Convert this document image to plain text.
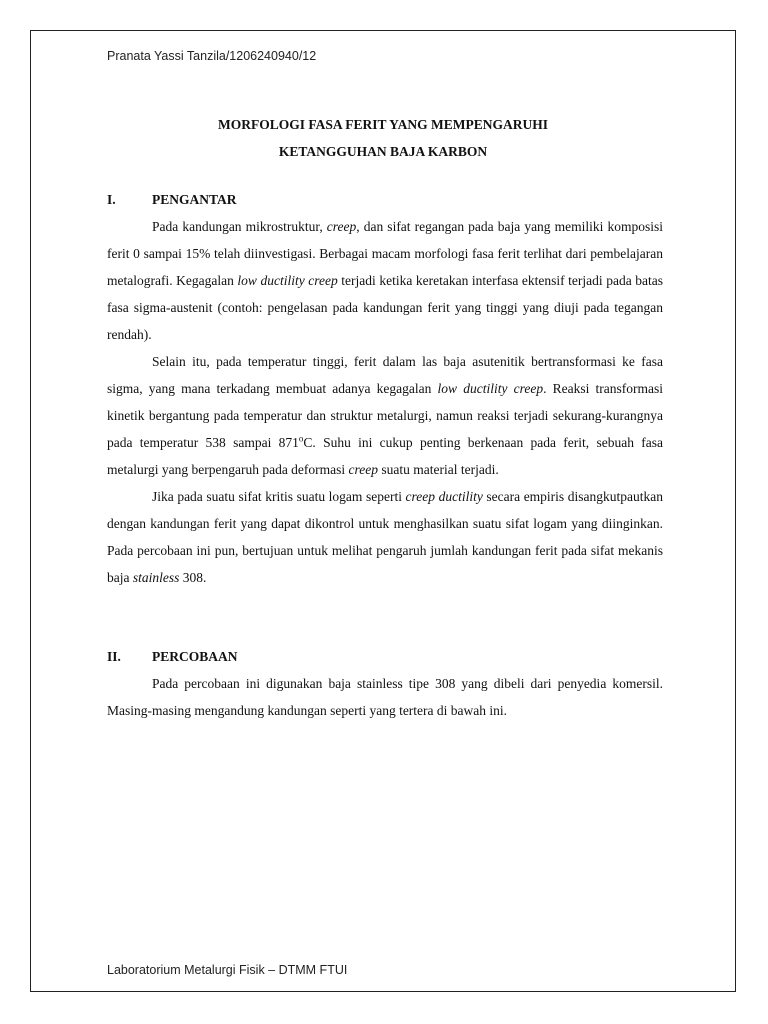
Pranata Yassi Tanzila/1206240940/12
MORFOLOGI FASA FERIT YANG MEMPENGARUHI
KETANGGUHAN BAJA KARBON
I.	PENGANTAR

Pada kandungan mikrostruktur, creep, dan sifat regangan pada baja yang memiliki komposisi ferit 0 sampai 15% telah diinvestigasi. Berbagai macam morfologi fasa ferit terlihat dari pembelajaran metalografi. Kegagalan low ductility creep terjadi ketika keretakan interfasa ektensif terjadi pada batas fasa sigma-austenit (contoh: pengelasan pada kandungan ferit yang tinggi yang diuji pada tegangan rendah).

Selain itu, pada temperatur tinggi, ferit dalam las baja asutenitik bertransformasi ke fasa sigma, yang mana terkadang membuat adanya kegagalan low ductility creep. Reaksi transformasi kinetik bergantung pada temperatur dan struktur metalurgi, namun reaksi terjadi sekurang-kurangnya pada temperatur 538 sampai 871$^o$C. Suhu ini cukup penting berkenaan pada ferit, sebuah fasa metalurgi yang berpengaruh pada deformasi creep suatu material terjadi.

Jika pada suatu sifat kritis suatu logam seperti creep ductility secara empiris disangkutpautkan dengan kandungan ferit yang dapat dikontrol untuk menghasilkan suatu sifat logam yang diinginkan. Pada percobaan ini pun, bertujuan untuk melihat pengaruh jumlah kandungan ferit pada sifat mekanis baja stainless 308.

II.	PERCOBAAN

Pada percobaan ini digunakan baja stainless tipe 308 yang dibeli dari penyedia komersil. Masing-masing mengandung kandungan seperti yang tertera di bawah ini.

Laboratorium Metalurgi Fisik – DTMM FTUI
